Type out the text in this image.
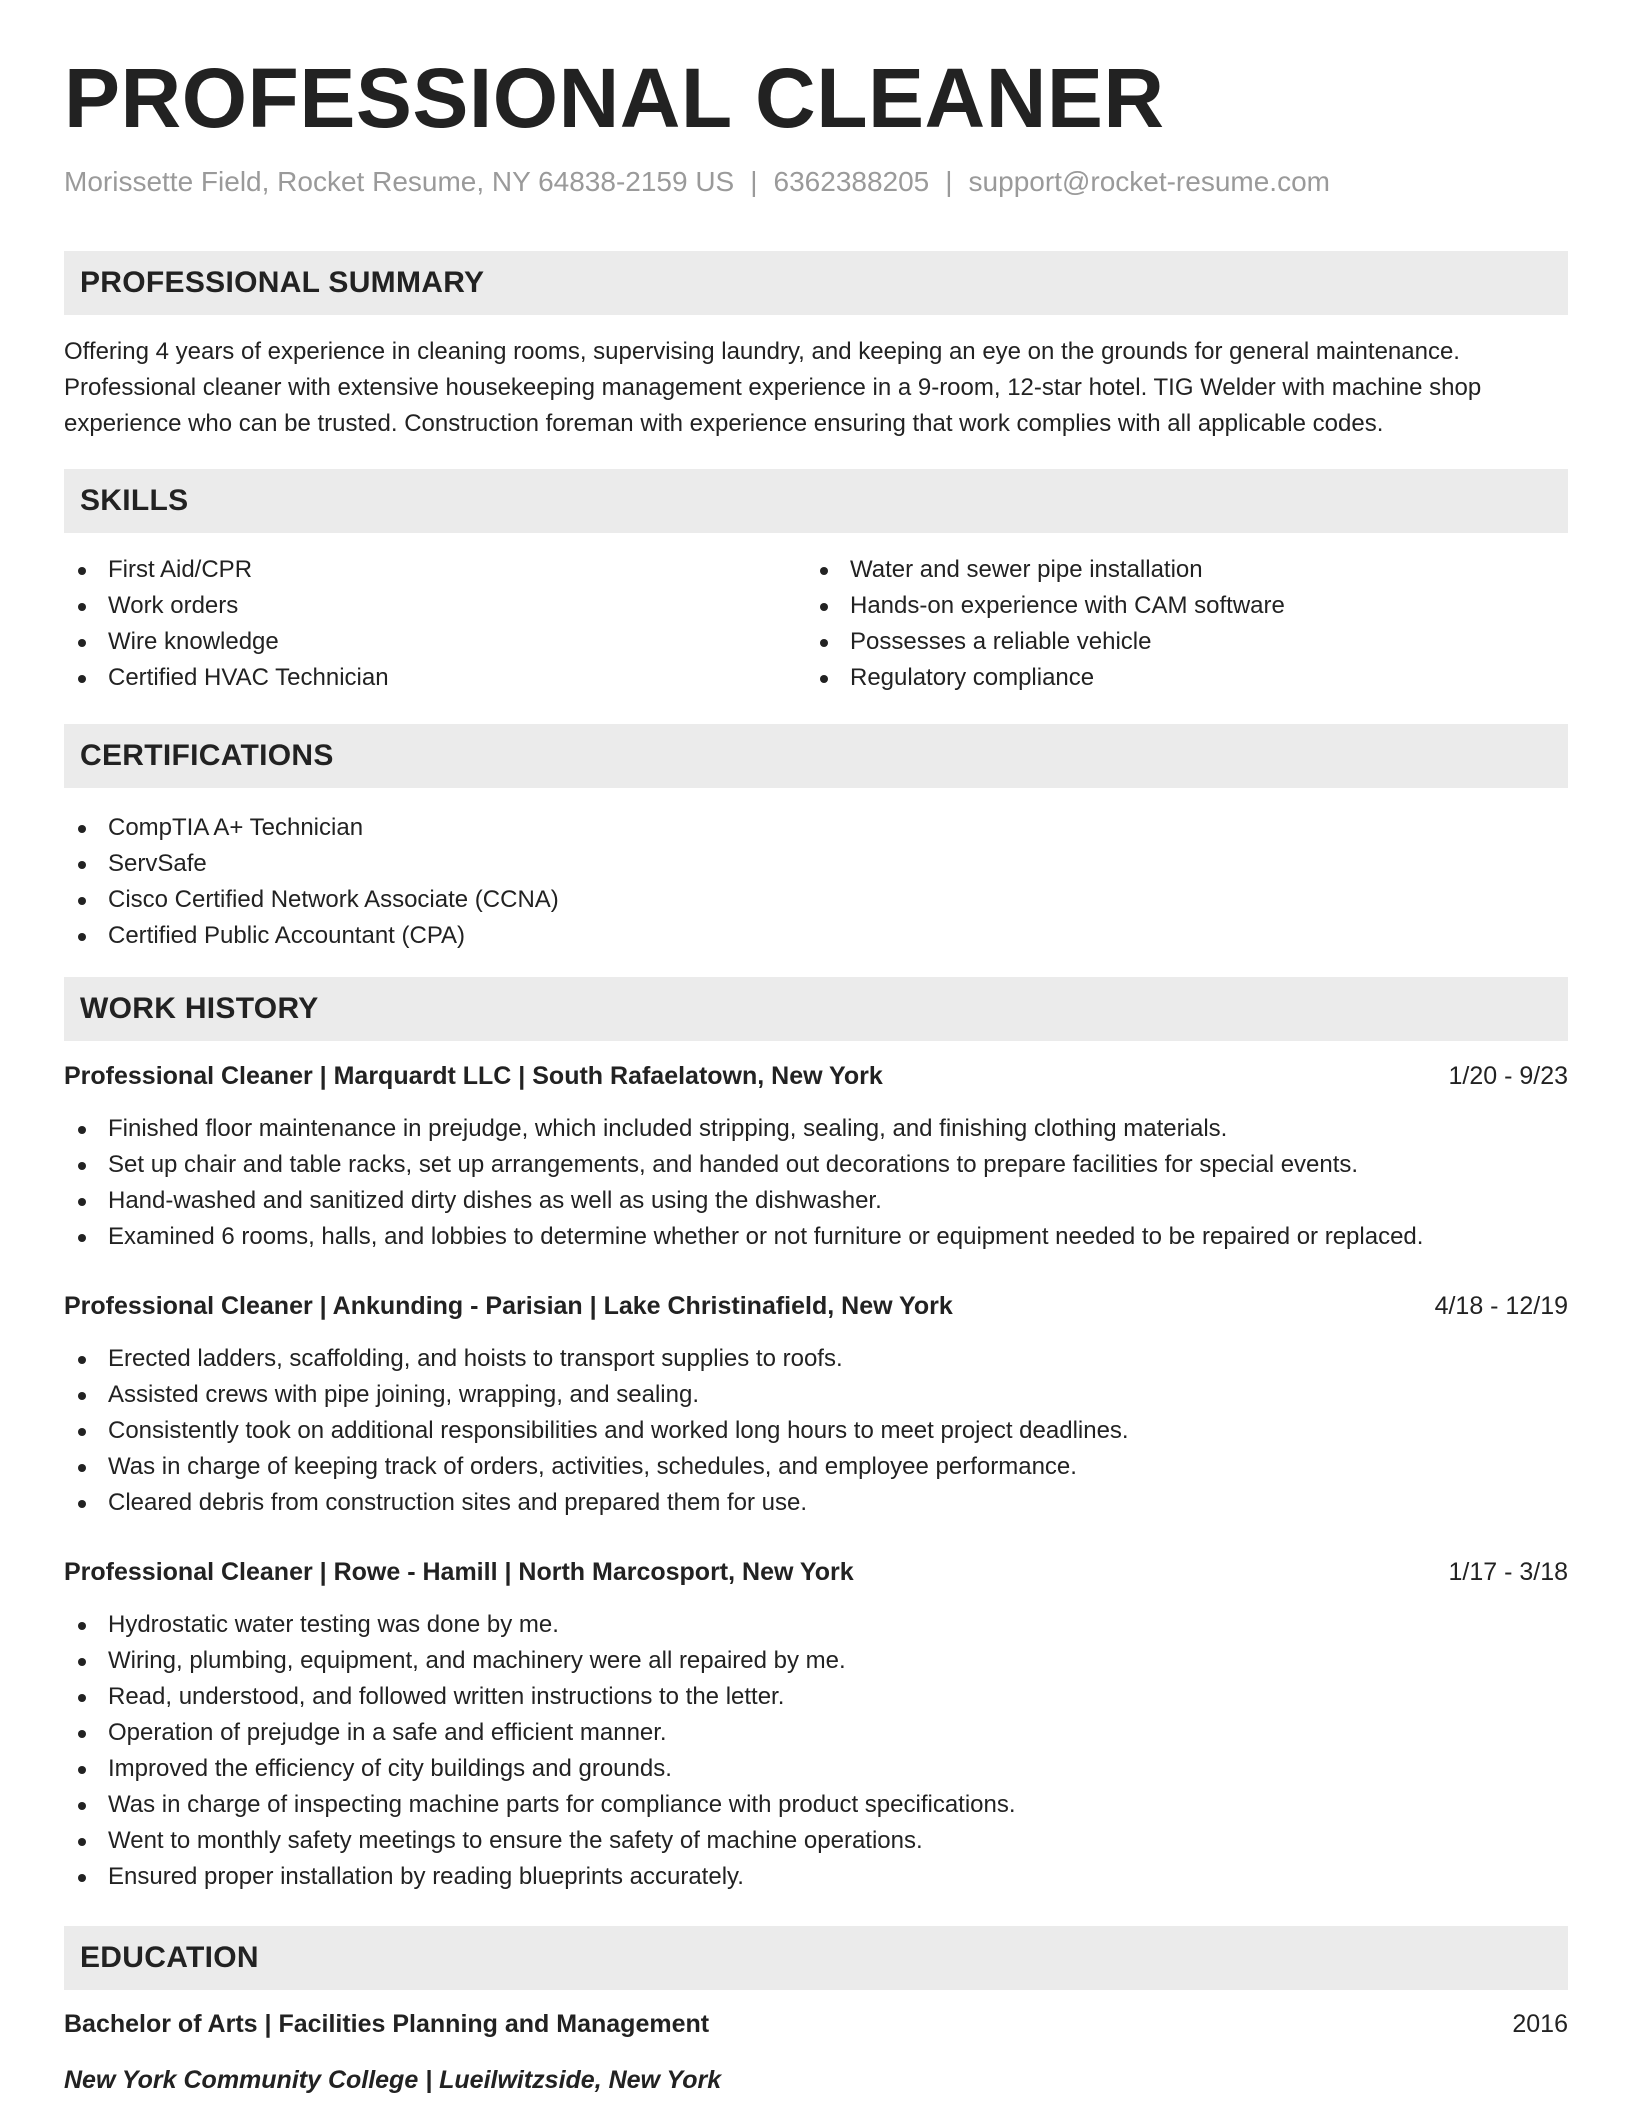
PROFESSIONAL CLEANER
Morissette Field, Rocket Resume, NY 64838-2159 US | 6362388205 | support@rocket-resume.com
PROFESSIONAL SUMMARY
Offering 4 years of experience in cleaning rooms, supervising laundry, and keeping an eye on the grounds for general maintenance. Professional cleaner with extensive housekeeping management experience in a 9-room, 12-star hotel. TIG Welder with machine shop experience who can be trusted. Construction foreman with experience ensuring that work complies with all applicable codes.
SKILLS
First Aid/CPR
Work orders
Wire knowledge
Certified HVAC Technician
Water and sewer pipe installation
Hands-on experience with CAM software
Possesses a reliable vehicle
Regulatory compliance
CERTIFICATIONS
CompTIA A+ Technician
ServSafe
Cisco Certified Network Associate (CCNA)
Certified Public Accountant (CPA)
WORK HISTORY
Professional Cleaner | Marquardt LLC | South Rafaelatown, New York	1/20 - 9/23
Finished floor maintenance in prejudge, which included stripping, sealing, and finishing clothing materials.
Set up chair and table racks, set up arrangements, and handed out decorations to prepare facilities for special events.
Hand-washed and sanitized dirty dishes as well as using the dishwasher.
Examined 6 rooms, halls, and lobbies to determine whether or not furniture or equipment needed to be repaired or replaced.
Professional Cleaner | Ankunding - Parisian | Lake Christinafield, New York	4/18 - 12/19
Erected ladders, scaffolding, and hoists to transport supplies to roofs.
Assisted crews with pipe joining, wrapping, and sealing.
Consistently took on additional responsibilities and worked long hours to meet project deadlines.
Was in charge of keeping track of orders, activities, schedules, and employee performance.
Cleared debris from construction sites and prepared them for use.
Professional Cleaner | Rowe - Hamill | North Marcosport, New York	1/17 - 3/18
Hydrostatic water testing was done by me.
Wiring, plumbing, equipment, and machinery were all repaired by me.
Read, understood, and followed written instructions to the letter.
Operation of prejudge in a safe and efficient manner.
Improved the efficiency of city buildings and grounds.
Was in charge of inspecting machine parts for compliance with product specifications.
Went to monthly safety meetings to ensure the safety of machine operations.
Ensured proper installation by reading blueprints accurately.
EDUCATION
Bachelor of Arts | Facilities Planning and Management	2016
New York Community College | Lueilwitzside, New York
